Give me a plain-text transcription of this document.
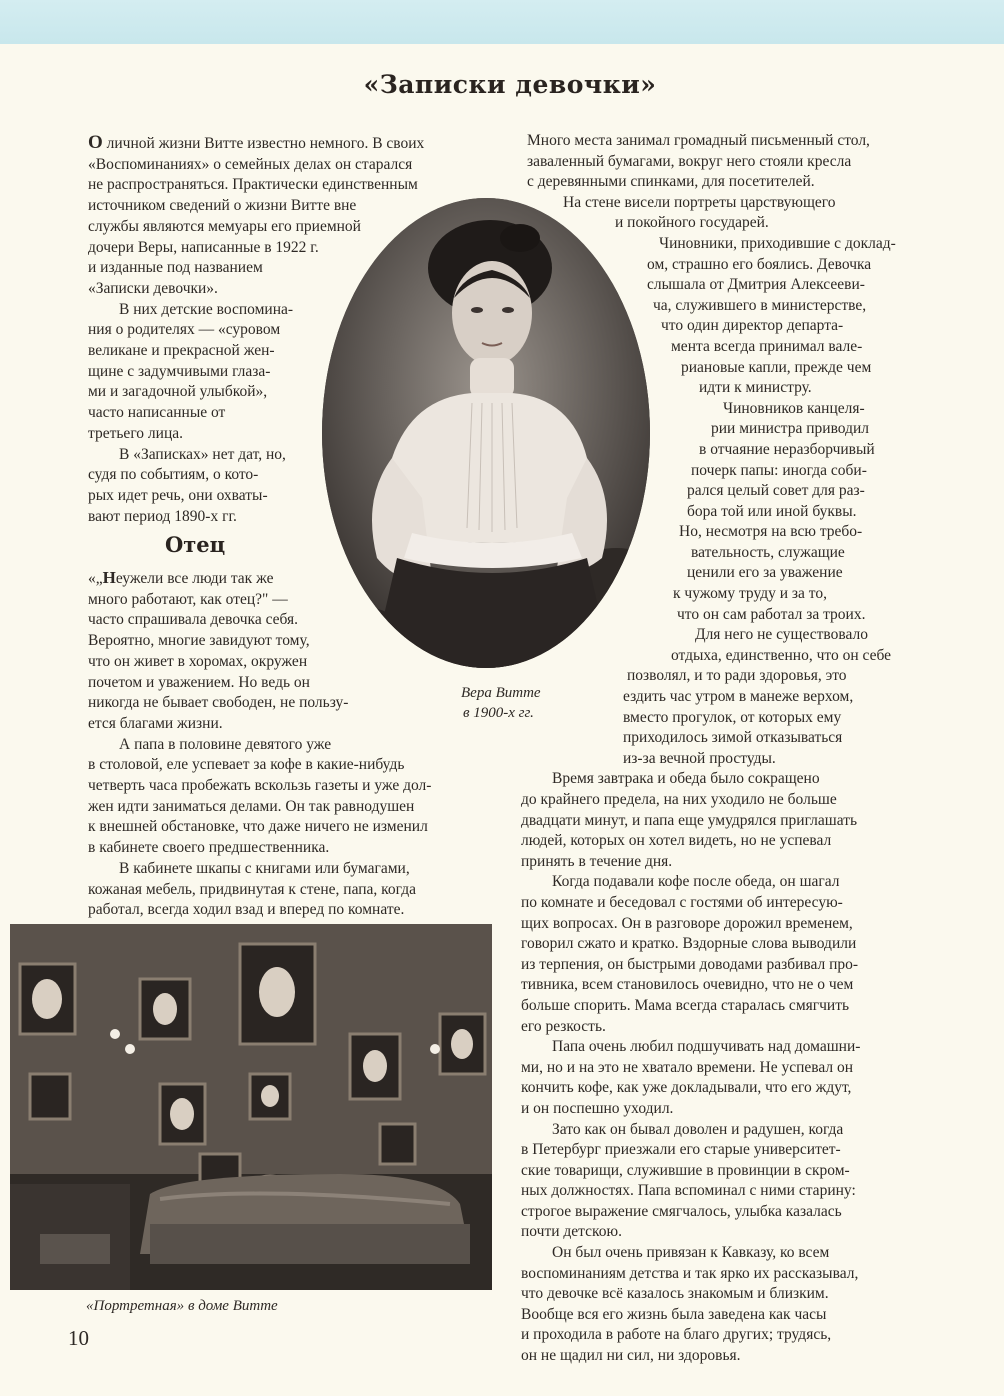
«Записки девочки»

О личной жизни Витте известно немного. В своих
«Воспоминаниях» о семейных делах он старался
не распространяться. Практически единственным
источником сведений о жизни Витте вне
службы являются мемуары его приемной
дочери Веры, написанные в 1922 г.
и изданные под названием
«Записки девочки».

В них детские воспомина-
ния о родителях — «суровом
великане и прекрасной жен-
щине с задумчивыми глаза-
ми и загадочной улыбкой»,
часто написанные от
третьего лица.

В «Записках» нет дат, но,
судя по событиям, о кото-
рых идет речь, они охваты-
вают период 1890-х гг.

Отец

«„Неужели все люди так же
много работают, как отец?" —
часто спрашивала девочка себя.
Вероятно, многие завидуют тому,
что он живет в хоромах, окружен
почетом и уважением. Но ведь он
никогда не бывает свободен, не пользу-
ется благами жизни.

А папа в половине девятого уже
в столовой, еле успевает за кофе в какие-нибудь
четверть часа пробежать вскользь газеты и уже дол-
жен идти заниматься делами. Он так равнодушен
к внешней обстановке, что даже ничего не изменил
в кабинете своего предшественника.

В кабинете шкапы с книгами или бумагами,
кожаная мебель, придвинутая к стене, папа, когда
работал, всегда ходил взад и вперед по комнате.

Вера Витте
в 1900-х гг.
«Портретная» в доме Витте

Много места занимал громадный письменный стол,
заваленный бумагами, вокруг него стояли кресла
с деревянными спинками, для посетителей.

На стене висели портреты царствующего
и покойного государей.

Чиновники, приходившие с доклад-
ом, страшно его боялись. Девочка
слышала от Дмитрия Алексееви-
ча, служившего в министерстве,
что один директор департа-
мента всегда принимал вале-
риановые капли, прежде чем
идти к министру.

Чиновников канцеля-
рии министра приводил
в отчаяние неразборчивый
почерк папы: иногда соби-
рался целый совет для раз-
бора той или иной буквы.

Но, несмотря на всю требо-
вательность, служащие
ценили его за уважение
к чужому труду и за то,
что он сам работал за троих.

Для него не существовало
отдыха, единственно, что он себе
позволял, и то ради здоровья, это
ездить час утром в манеже верхом,
вместо прогулок, от которых ему
приходилось зимой отказываться
из-за вечной простуды.

Время завтрака и обеда было сокращено
до крайнего предела, на них уходило не больше
двадцати минут, и папа еще умудрялся приглашать
людей, которых он хотел видеть, но не успевал
принять в течение дня.

Когда подавали кофе после обеда, он шагал
по комнате и беседовал с гостями об интересую-
щих вопросах. Он в разговоре дорожил временем,
говорил сжато и кратко. Вздорные слова выводили
из терпения, он быстрыми доводами разбивал про-
тивника, всем становилось очевидно, что не о чем
больше спорить. Мама всегда старалась смягчить
его резкость.

Папа очень любил подшучивать над домашни-
ми, но и на это не хватало времени. Не успевал он
кончить кофе, как уже докладывали, что его ждут,
и он поспешно уходил.

Зато как он бывал доволен и радушен, когда
в Петербург приезжали его старые университет-
ские товарищи, служившие в провинции в скром-
ных должностях. Папа вспоминал с ними старину:
строгое выражение смягчалось, улыбка казалась
почти детскою.

Он был очень привязан к Кавказу, ко всем
воспоминаниям детства и так ярко их рассказывал,
что девочке всё казалось знакомым и близким.
Вообще вся его жизнь была заведена как часы
и проходила в работе на благо других; трудясь,
он не щадил ни сил, ни здоровья.

10
